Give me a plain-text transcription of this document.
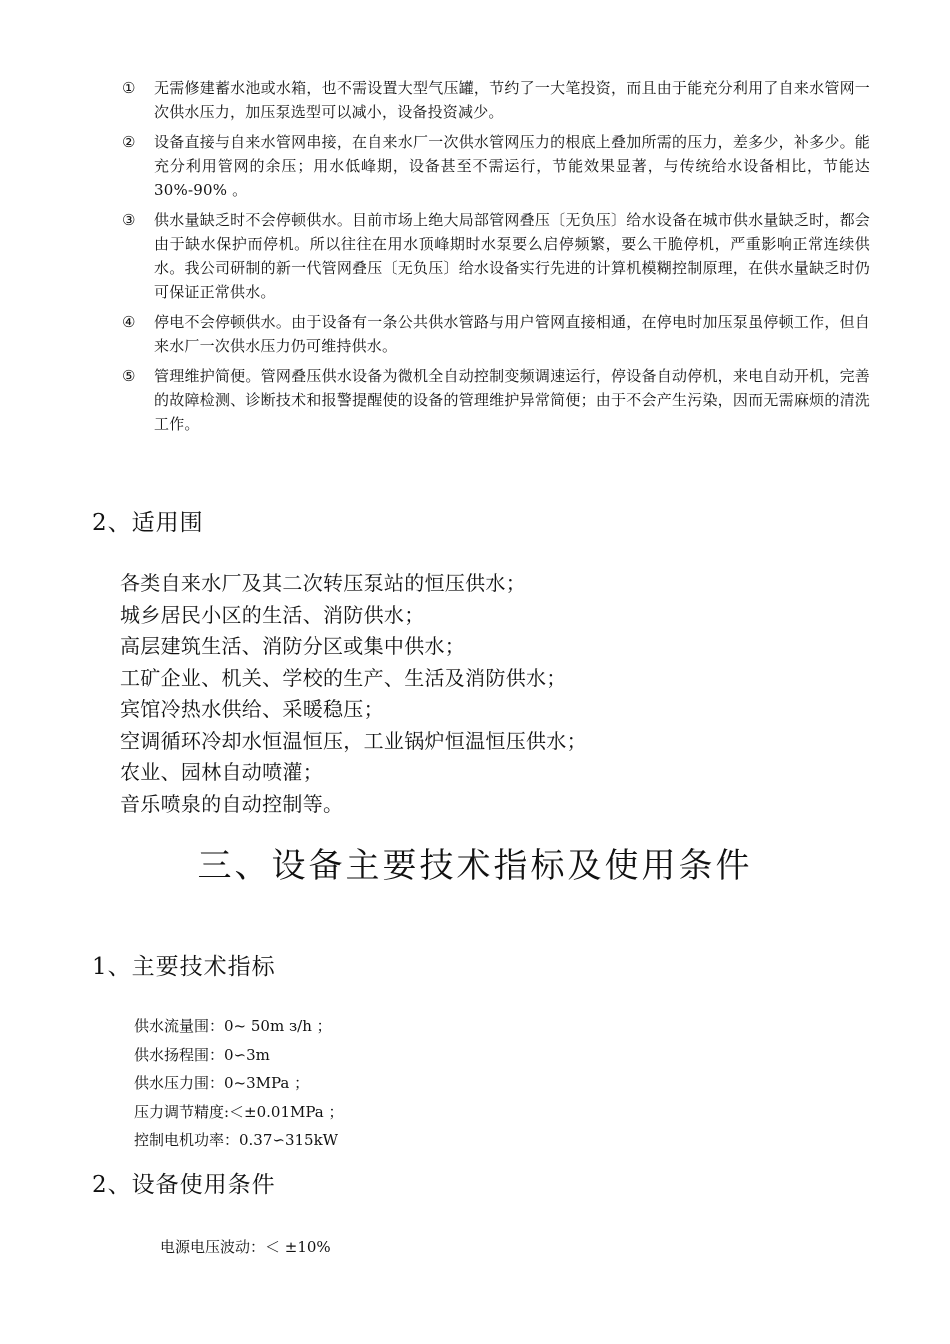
①	无需修建蓄水池或水箱，也不需设置大型气压罐，节约了一大笔投资，而且由于能充分利用了自来水管网一次供水压力，加压泵选型可以减小，设备投资减少。
②	设备直接与自来水管网串接，在自来水厂一次供水管网压力的根底上叠加所需的压力，差多少，补多少。能充分利用管网的余压；用水低峰期，设备甚至不需运行，节能效果显著，与传统给水设备相比，节能达 30%-90% 。
③	供水量缺乏时不会停顿供水。目前市场上绝大局部管网叠压〔无负压〕给水设备在城市供水量缺乏时，都会由于缺水保护而停机。所以往往在用水顶峰期时水泵要么启停频繁，要么干脆停机，严重影响正常连续供水。我公司研制的新一代管网叠压〔无负压〕给水设备实行先进的计算机模糊控制原理，在供水量缺乏时仍可保证正常供水。
④	停电不会停顿供水。由于设备有一条公共供水管路与用户管网直接相通，在停电时加压泵虽停顿工作，但自来水厂一次供水压力仍可维持供水。
⑤	管理维护简便。管网叠压供水设备为微机全自动控制变频调速运行，停设备自动停机，来电自动开机，完善的故障检测、诊断技术和报警提醒使的设备的管理维护异常简便；由于不会产生污染，因而无需麻烦的清洗工作。
2、适用围
各类自来水厂及其二次转压泵站的恒压供水；
城乡居民小区的生活、消防供水；
高层建筑生活、消防分区或集中供水；
工矿企业、机关、学校的生产、生活及消防供水；
宾馆冷热水供给、采暖稳压；
空调循环冷却水恒温恒压，工业锅炉恒温恒压供水；
农业、园林自动喷灌；
音乐喷泉的自动控制等。
三、设备主要技术指标及使用条件
1、主要技术指标
供水流量围：0~ 50m з/h ；
供水扬程围：0∽3m
供水压力围：0~3MPa ；
压力调节精度:＜±0.01MPa ；
控制电机功率：0.37∽315kW
2、设备使用条件
电源电压波动：＜ ±10%
